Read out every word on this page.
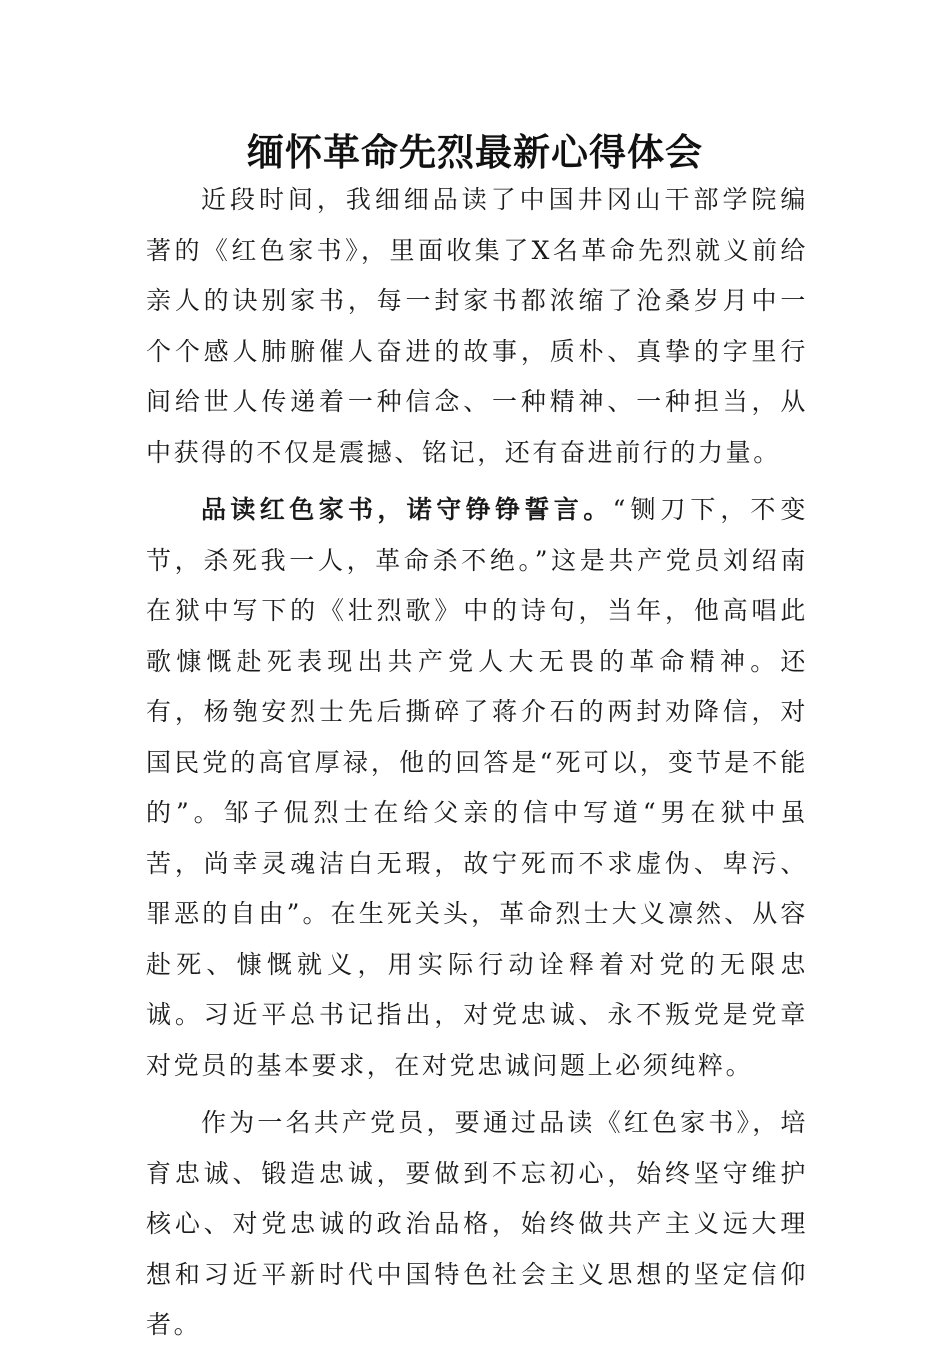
缅怀革命先烈最新心得体会

近段时间，我细细品读了中国井冈山干部学院编著的《红色家书》，里面收集了X名革命先烈就义前给亲人的诀别家书，每一封家书都浓缩了沧桑岁月中一个个感人肺腑催人奋进的故事，质朴、真挚的字里行间给世人传递着一种信念、一种精神、一种担当，从中获得的不仅是震撼、铭记，还有奋进前行的力量。

品读红色家书，诺守铮铮誓言。“铡刀下，不变节，杀死我一人，革命杀不绝。”这是共产党员刘绍南在狱中写下的《壮烈歌》中的诗句，当年，他高唱此歌慷慨赴死表现出共产党人大无畏的革命精神。还有，杨匏安烈士先后撕碎了蒋介石的两封劝降信，对国民党的高官厚禄，他的回答是“死可以，变节是不能的”。邹子侃烈士在给父亲的信中写道“男在狱中虽苦，尚幸灵魂洁白无瑕，故宁死而不求虚伪、卑污、罪恶的自由”。在生死关头，革命烈士大义凛然、从容赴死、慷慨就义，用实际行动诠释着对党的无限忠诚。习近平总书记指出，对党忠诚、永不叛党是党章对党员的基本要求，在对党忠诚问题上必须纯粹。

作为一名共产党员，要通过品读《红色家书》，培育忠诚、锻造忠诚，要做到不忘初心，始终坚守维护核心、对党忠诚的政治品格，始终做共产主义远大理想和习近平新时代中国特色社会主义思想的坚定信仰者。
